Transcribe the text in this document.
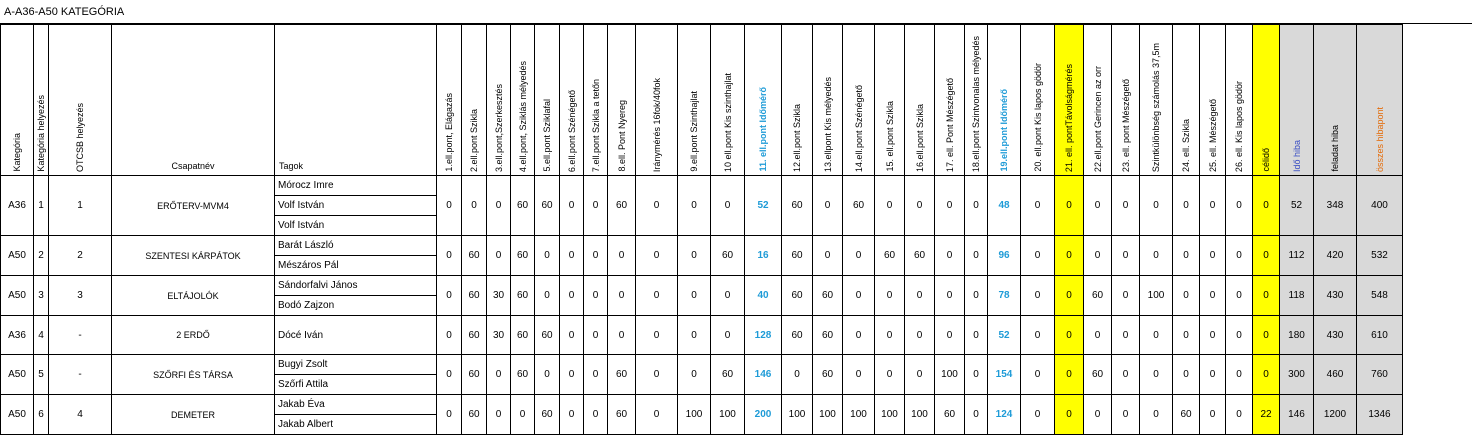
A-A36-A50 KATEGÓRIA
Kategória	Kategória helyezés	OTCSB helyezés	Csapatnév	Tagok	1.ell.pont, Elágazás	2.ell.pont Szikla	3.ell.pont,Szerkesztés	4.ell.pont, Sziklás mélyedés	5.ell.pont Sziklafal	6.ell.pont Szénégető	7.ell.pont Szikla a tetőn	8.ell. Pont Nyereg	Iránymérés 16fok/40fok	9.ell.pont Szinthajlat	10 ell.pont Kis szinthajlat	11. ell.pont Időmérő	12.ell.pont Szikla	13.ellpont Kis mélyedés	14.ell.pont Szénégető	15. ell.pont Szikla	16.ell.pont Szikla	17. ell. Pont Mészégető	18.ell.pont Szintvonalas mélyedés	19.ell.pont Időmérő	20. ell.pont Kis lapos gödör	21. ell. pontTávolságmérés	22.ell.pont Gerincen az orr	23. ell. pont Mészégető	Szintkülönbség számolás 37,5m	24. ell. Szikla	25. ell. Mészégető	26. ell. Kis lapos gödör	célidő	Idő hiba	feladat hiba	összes hibapont
A36	1	1	ERŐTERV-MVM4	Mórocz Imre	0	0	0	60	60	0	0	60	0	0	0	52	60	0	60	0	0	0	0	48	0	0	0	0	0	0	0	0	0	52	348	400
				Volf István																																
				Volf István																																
A50	2	2	SZENTESI KÁRPÁTOK	Barát László	0	60	0	60	0	0	0	0	0	0	60	16	60	0	0	60	60	0	0	96	0	0	0	0	0	0	0	0	0	112	420	532
				Mészáros Pál																																
A50	3	3	ELTÁJOLÓK	Sándorfalvi János	0	60	30	60	0	0	0	0	0	0	0	40	60	60	0	0	0	0	0	78	0	0	60	0	100	0	0	0	0	118	430	548
				Bodó Zajzon																																
A36	4	-	2 ERDŐ	Dócé Iván	0	60	30	60	60	0	0	0	0	0	0	128	60	60	0	0	0	0	0	52	0	0	0	0	0	0	0	0	0	180	430	610
A50	5	-	SZŐRFI ÉS TÁRSA	Bugyi Zsolt	0	60	0	60	0	0	0	60	0	0	60	146	0	60	0	0	0	100	0	154	0	0	60	0	0	0	0	0	0	300	460	760
				Szőrfi Attila																																
A50	6	4	DEMETER	Jakab Éva	0	60	0	0	60	0	0	60	0	100	100	200	100	100	100	100	100	60	0	124	0	0	0	0	0	60	0	0	22	146	1200	1346
				Jakab Albert																																
